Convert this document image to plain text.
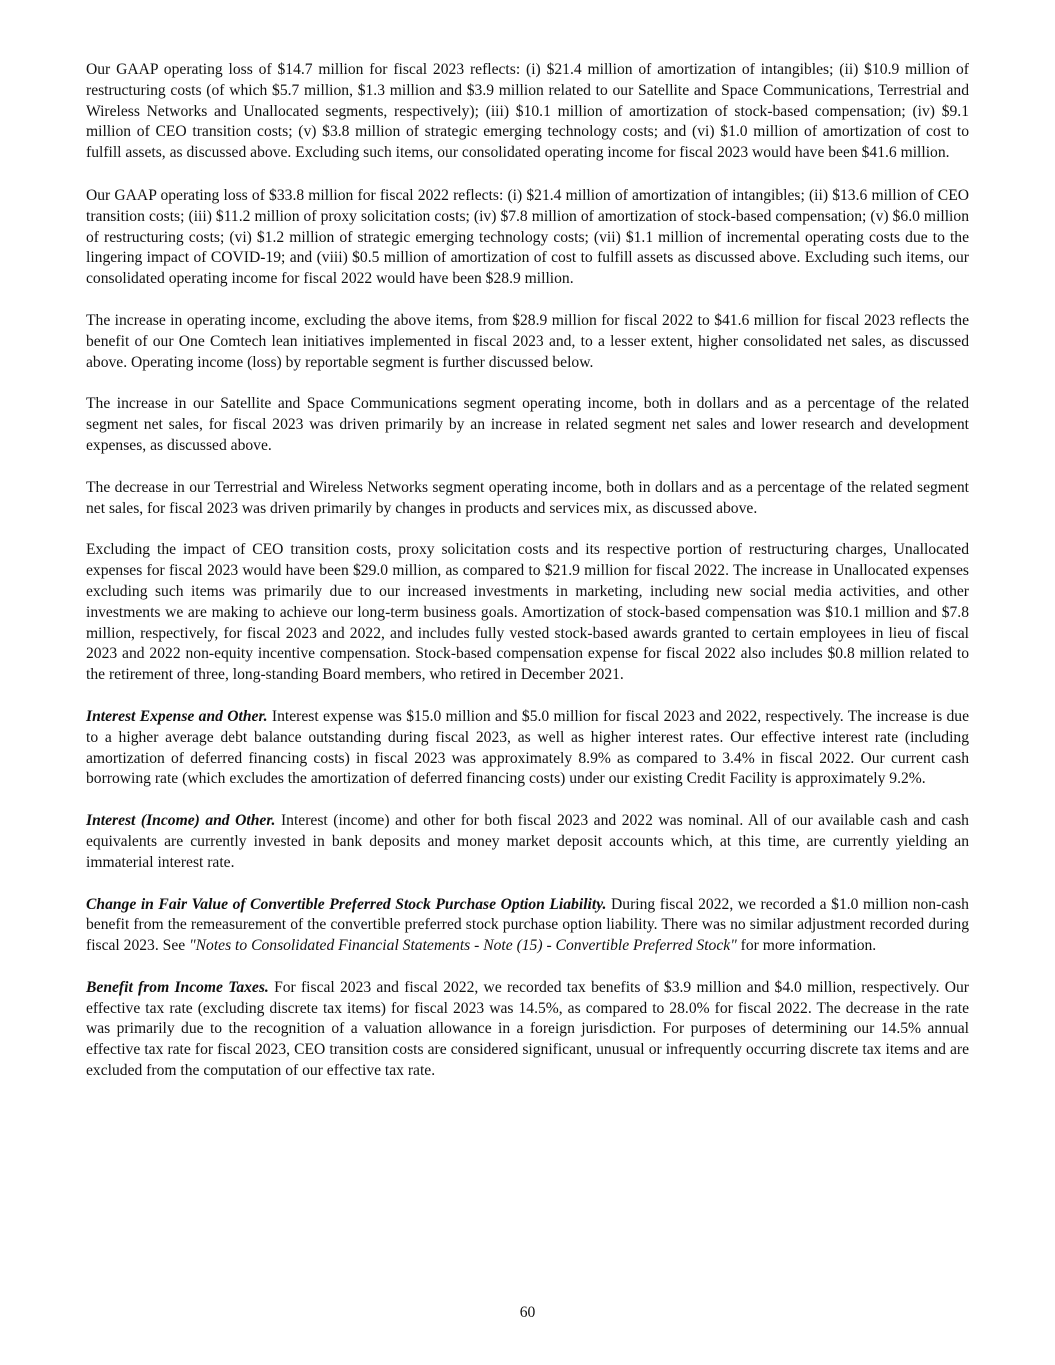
Our GAAP operating loss of $14.7 million for fiscal 2023 reflects: (i) $21.4 million of amortization of intangibles; (ii) $10.9 million of restructuring costs (of which $5.7 million, $1.3 million and $3.9 million related to our Satellite and Space Communications, Terrestrial and Wireless Networks and Unallocated segments, respectively); (iii) $10.1 million of amortization of stock-based compensation; (iv) $9.1 million of CEO transition costs; (v) $3.8 million of strategic emerging technology costs; and (vi) $1.0 million of amortization of cost to fulfill assets, as discussed above. Excluding such items, our consolidated operating income for fiscal 2023 would have been $41.6 million.

Our GAAP operating loss of $33.8 million for fiscal 2022 reflects: (i) $21.4 million of amortization of intangibles; (ii) $13.6 million of CEO transition costs; (iii) $11.2 million of proxy solicitation costs; (iv) $7.8 million of amortization of stock-based compensation; (v) $6.0 million of restructuring costs; (vi) $1.2 million of strategic emerging technology costs; (vii) $1.1 million of incremental operating costs due to the lingering impact of COVID-19; and (viii) $0.5 million of amortization of cost to fulfill assets as discussed above. Excluding such items, our consolidated operating income for fiscal 2022 would have been $28.9 million.

The increase in operating income, excluding the above items, from $28.9 million for fiscal 2022 to $41.6 million for fiscal 2023 reflects the benefit of our One Comtech lean initiatives implemented in fiscal 2023 and, to a lesser extent, higher consolidated net sales, as discussed above. Operating income (loss) by reportable segment is further discussed below.

The increase in our Satellite and Space Communications segment operating income, both in dollars and as a percentage of the related segment net sales, for fiscal 2023 was driven primarily by an increase in related segment net sales and lower research and development expenses, as discussed above.

The decrease in our Terrestrial and Wireless Networks segment operating income, both in dollars and as a percentage of the related segment net sales, for fiscal 2023 was driven primarily by changes in products and services mix, as discussed above.

Excluding the impact of CEO transition costs, proxy solicitation costs and its respective portion of restructuring charges, Unallocated expenses for fiscal 2023 would have been $29.0 million, as compared to $21.9 million for fiscal 2022. The increase in Unallocated expenses excluding such items was primarily due to our increased investments in marketing, including new social media activities, and other investments we are making to achieve our long-term business goals. Amortization of stock-based compensation was $10.1 million and $7.8 million, respectively, for fiscal 2023 and 2022, and includes fully vested stock-based awards granted to certain employees in lieu of fiscal 2023 and 2022 non-equity incentive compensation. Stock-based compensation expense for fiscal 2022 also includes $0.8 million related to the retirement of three, long-standing Board members, who retired in December 2021.

Interest Expense and Other. Interest expense was $15.0 million and $5.0 million for fiscal 2023 and 2022, respectively. The increase is due to a higher average debt balance outstanding during fiscal 2023, as well as higher interest rates. Our effective interest rate (including amortization of deferred financing costs) in fiscal 2023 was approximately 8.9% as compared to 3.4% in fiscal 2022. Our current cash borrowing rate (which excludes the amortization of deferred financing costs) under our existing Credit Facility is approximately 9.2%.

Interest (Income) and Other. Interest (income) and other for both fiscal 2023 and 2022 was nominal. All of our available cash and cash equivalents are currently invested in bank deposits and money market deposit accounts which, at this time, are currently yielding an immaterial interest rate.

Change in Fair Value of Convertible Preferred Stock Purchase Option Liability. During fiscal 2022, we recorded a $1.0 million non-cash benefit from the remeasurement of the convertible preferred stock purchase option liability. There was no similar adjustment recorded during fiscal 2023. See "Notes to Consolidated Financial Statements - Note (15) - Convertible Preferred Stock" for more information.

Benefit from Income Taxes. For fiscal 2023 and fiscal 2022, we recorded tax benefits of $3.9 million and $4.0 million, respectively. Our effective tax rate (excluding discrete tax items) for fiscal 2023 was 14.5%, as compared to 28.0% for fiscal 2022. The decrease in the rate was primarily due to the recognition of a valuation allowance in a foreign jurisdiction. For purposes of determining our 14.5% annual effective tax rate for fiscal 2023, CEO transition costs are considered significant, unusual or infrequently occurring discrete tax items and are excluded from the computation of our effective tax rate.

60
